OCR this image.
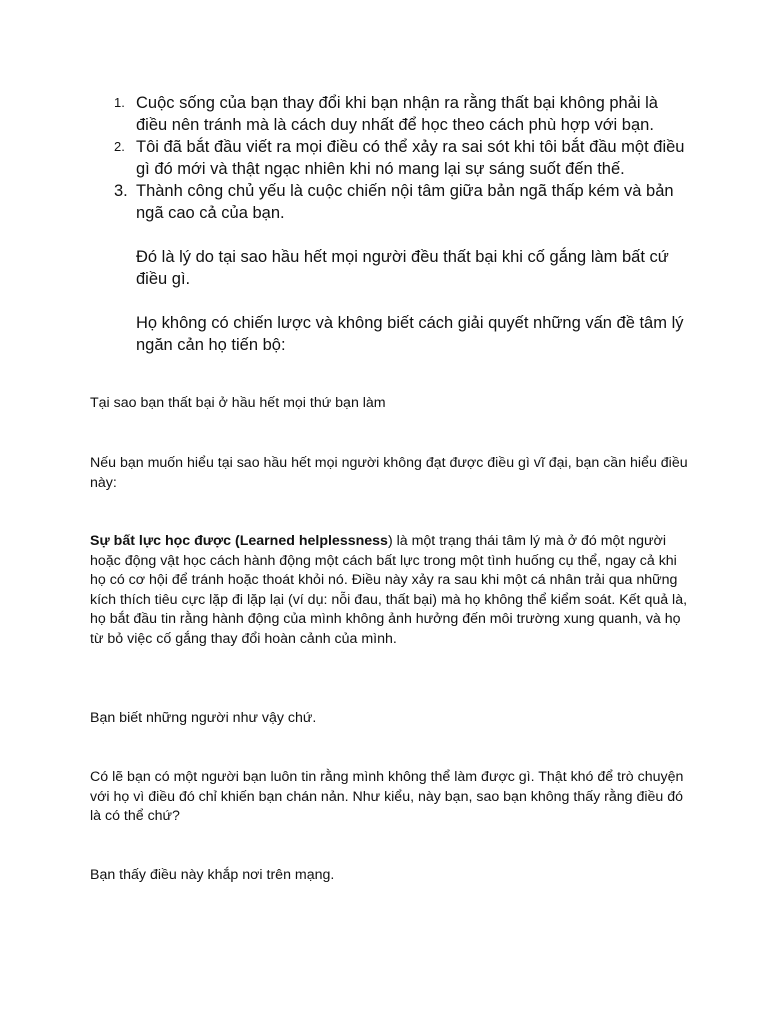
1. Cuộc sống của bạn thay đổi khi bạn nhận ra rằng thất bại không phải là điều nên tránh mà là cách duy nhất để học theo cách phù hợp với bạn.
2. Tôi đã bắt đầu viết ra mọi điều có thể xảy ra sai sót khi tôi bắt đầu một điều gì đó mới và thật ngạc nhiên khi nó mang lại sự sáng suốt đến thế.
3. Thành công chủ yếu là cuộc chiến nội tâm giữa bản ngã thấp kém và bản ngã cao cả của bạn.
Đó là lý do tại sao hầu hết mọi người đều thất bại khi cố gắng làm bất cứ điều gì.
Họ không có chiến lược và không biết cách giải quyết những vấn đề tâm lý ngăn cản họ tiến bộ:
Tại sao bạn thất bại ở hầu hết mọi thứ bạn làm
Nếu bạn muốn hiểu tại sao hầu hết mọi người không đạt được điều gì vĩ đại, bạn cần hiểu điều này:
Sự bất lực học được (Learned helplessness) là một trạng thái tâm lý mà ở đó một người hoặc động vật học cách hành động một cách bất lực trong một tình huống cụ thể, ngay cả khi họ có cơ hội để tránh hoặc thoát khỏi nó. Điều này xảy ra sau khi một cá nhân trải qua những kích thích tiêu cực lặp đi lặp lại (ví dụ: nỗi đau, thất bại) mà họ không thể kiểm soát. Kết quả là, họ bắt đầu tin rằng hành động của mình không ảnh hưởng đến môi trường xung quanh, và họ từ bỏ việc cố gắng thay đổi hoàn cảnh của mình.
Bạn biết những người như vậy chứ.
Có lẽ bạn có một người bạn luôn tin rằng mình không thể làm được gì. Thật khó để trò chuyện với họ vì điều đó chỉ khiến bạn chán nản. Như kiểu, này bạn, sao bạn không thấy rằng điều đó là có thể chứ?
Bạn thấy điều này khắp nơi trên mạng.
